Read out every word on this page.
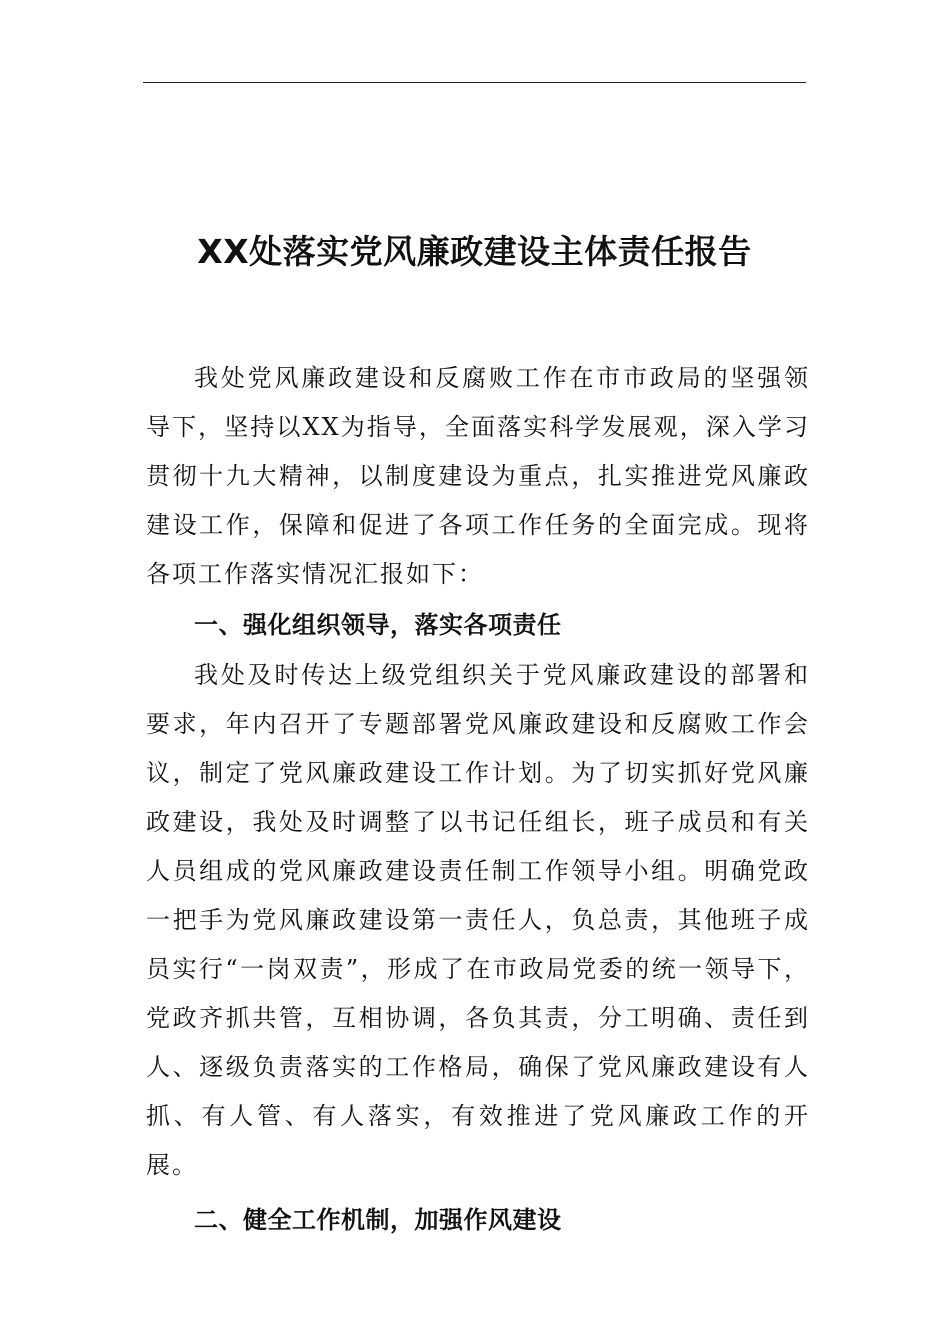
XX处落实党风廉政建设主体责任报告

我处党风廉政建设和反腐败工作在市市政局的坚强领导下，坚持以XX为指导，全面落实科学发展观，深入学习贯彻十九大精神，以制度建设为重点，扎实推进党风廉政建设工作，保障和促进了各项工作任务的全面完成。现将各项工作落实情况汇报如下：

一、强化组织领导，落实各项责任

我处及时传达上级党组织关于党风廉政建设的部署和要求，年内召开了专题部署党风廉政建设和反腐败工作会议，制定了党风廉政建设工作计划。为了切实抓好党风廉政建设，我处及时调整了以书记任组长，班子成员和有关人员组成的党风廉政建设责任制工作领导小组。明确党政一把手为党风廉政建设第一责任人，负总责，其他班子成员实行“一岗双责”，形成了在市政局党委的统一领导下，党政齐抓共管，互相协调，各负其责，分工明确、责任到人、逐级负责落实的工作格局，确保了党风廉政建设有人抓、有人管、有人落实，有效推进了党风廉政工作的开展。

二、健全工作机制，加强作风建设
